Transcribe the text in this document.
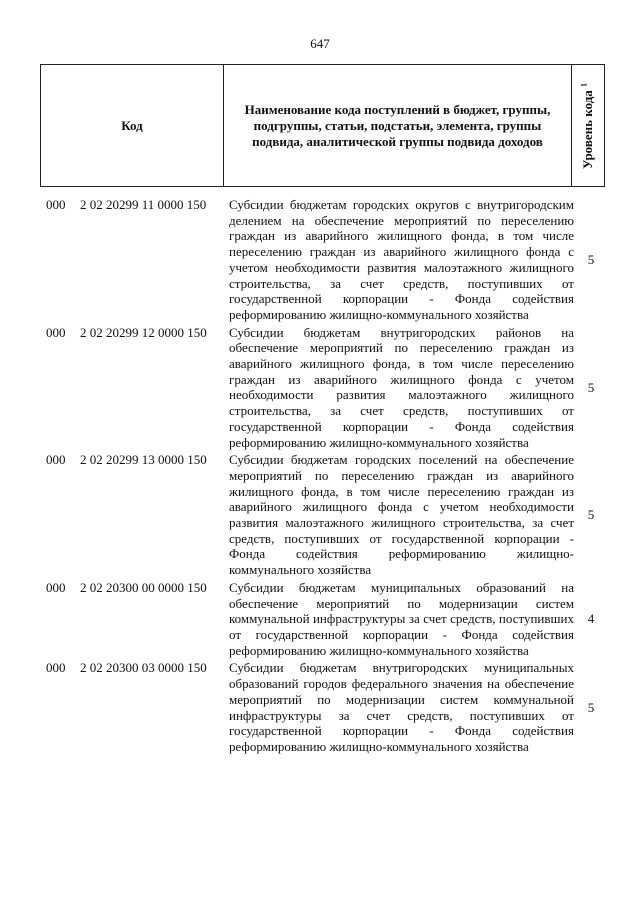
647
Код
Наименование кода поступлений в бюджет, группы, подгруппы, статьи, подстатьи, элемента, группы подвида, аналитической группы подвида доходов	Уровень кода $^1$
000	2 02 20299 11 0000 150	Субсидии бюджетам городских округов с внутригородским делением на обеспечение мероприятий по переселению граждан из аварийного жилищного фонда, в том числе переселению граждан из аварийного жилищного фонда с учетом необходимости развития малоэтажного жилищного строительства, за счет средств, поступивших от государственной корпорации - Фонда содействия реформированию жилищно-коммунального хозяйства
5
000	2 02 20299 12 0000 150	Субсидии бюджетам внутригородских районов на обеспечение мероприятий по переселению граждан из аварийного жилищного фонда, в том числе переселению граждан из аварийного жилищного фонда с учетом необходимости развития малоэтажного жилищного строительства, за счет средств, поступивших от государственной корпорации - Фонда содействия реформированию жилищно-коммунального хозяйства
5
000	2 02 20299 13 0000 150	Субсидии бюджетам городских поселений на обеспечение мероприятий по переселению граждан из аварийного жилищного фонда, в том числе переселению граждан из аварийного жилищного фонда с учетом необходимости развития малоэтажного жилищного строительства, за счет средств, поступивших от государственной корпорации - Фонда содействия реформированию жилищно-коммунального хозяйства
5
000	2 02 20300 00 0000 150	Субсидии бюджетам муниципальных образований на обеспечение мероприятий по модернизации систем коммунальной инфраструктуры за счет средств, поступивших от государственной корпорации - Фонда содействия реформированию жилищно-коммунального хозяйства
4
000	2 02 20300 03 0000 150	Субсидии бюджетам внутригородских муниципальных образований городов федерального значения на обеспечение мероприятий по модернизации систем коммунальной инфраструктуры за счет средств, поступивших от государственной корпорации - Фонда содействия реформированию жилищно-коммунального хозяйства
5
